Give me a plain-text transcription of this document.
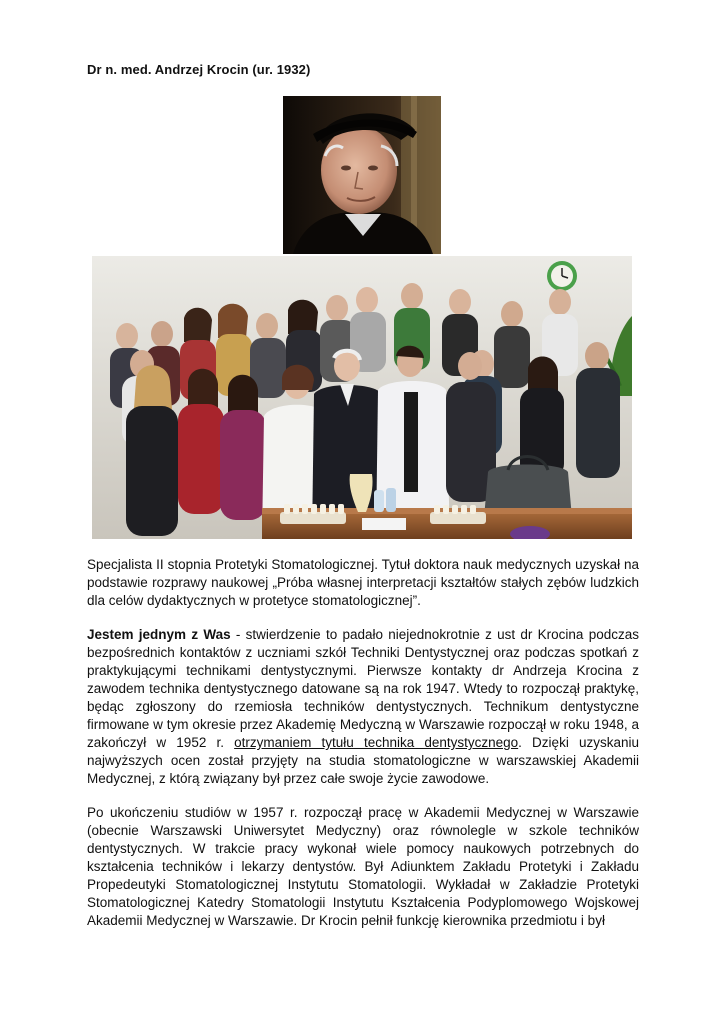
Dr n. med. Andrzej Krocin (ur. 1932)

Specjalista II stopnia Protetyki Stomatologicznej. Tytuł doktora nauk medycznych uzyskał na podstawie rozprawy naukowej „Próba własnej interpretacji kształtów stałych zębów ludzkich dla celów dydaktycznych w protetyce stomatologicznej”.

Jestem jednym z Was - stwierdzenie to padało niejednokrotnie z ust dr Krocina podczas bezpośrednich kontaktów z uczniami szkół Techniki Dentystycznej oraz podczas spotkań z praktykującymi technikami dentystycznymi. Pierwsze kontakty dr Andrzeja Krocina z zawodem technika dentystycznego datowane są na rok 1947. Wtedy to rozpoczął praktykę, będąc zgłoszony do rzemiosła techników dentystycznych. Technikum dentystyczne firmowane w tym okresie przez Akademię Medyczną w Warszawie rozpoczął w roku 1948, a zakończył w 1952 r. otrzymaniem tytułu technika dentystycznego. Dzięki uzyskaniu najwyższych ocen został przyjęty na studia stomatologiczne w warszawskiej Akademii Medycznej, z którą związany był przez całe swoje życie zawodowe.

Po ukończeniu studiów w 1957 r. rozpoczął pracę w Akademii Medycznej w Warszawie (obecnie Warszawski Uniwersytet Medyczny) oraz równolegle w szkole techników dentystycznych. W trakcie pracy wykonał wiele pomocy naukowych potrzebnych do kształcenia techników i lekarzy dentystów. Był Adiunktem Zakładu Protetyki i Zakładu Propedeutyki Stomatologicznej Instytutu Stomatologii. Wykładał w Zakładzie Protetyki Stomatologicznej Katedry Stomatologii Instytutu Kształcenia Podyplomowego Wojskowej Akademii Medycznej w Warszawie. Dr Krocin pełnił funkcję kierownika przedmiotu i był
